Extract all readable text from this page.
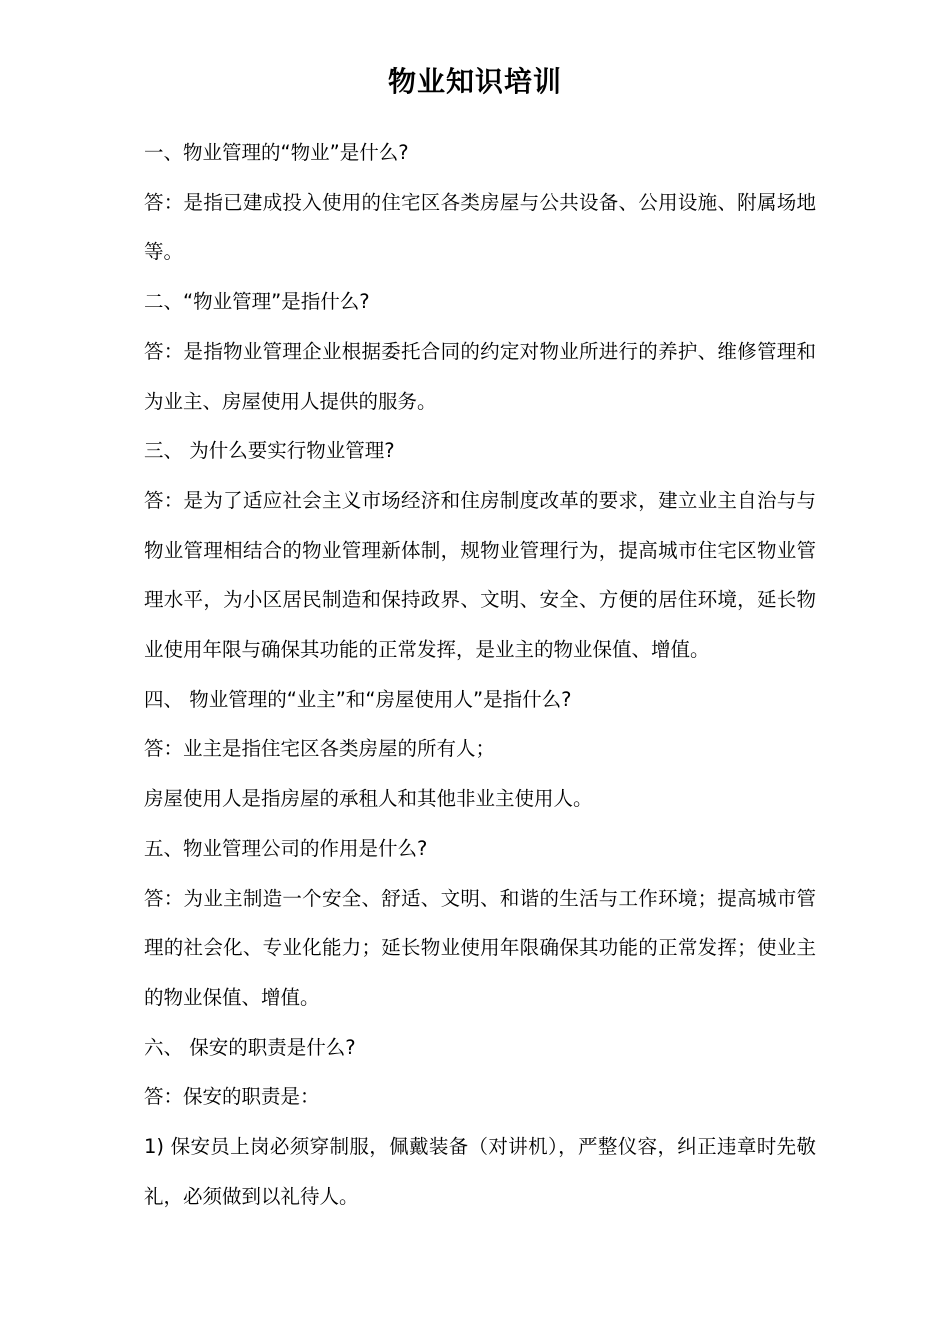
物业知识培训

一、物业管理的“物业”是什么?

答：是指已建成投入使用的住宅区各类房屋与公共设备、公用设施、附属场地等。

二、“物业管理”是指什么?

答：是指物业管理企业根据委托合同的约定对物业所进行的养护、维修管理和为业主、房屋使用人提供的服务。

三、 为什么要实行物业管理?

答：是为了适应社会主义市场经济和住房制度改革的要求，建立业主自治与与物业管理相结合的物业管理新体制，规物业管理行为，提高城市住宅区物业管理水平，为小区居民制造和保持政界、文明、安全、方便的居住环境，延长物业使用年限与确保其功能的正常发挥，是业主的物业保值、增值。

四、 物业管理的“业主”和“房屋使用人”是指什么?

答：业主是指住宅区各类房屋的所有人；

房屋使用人是指房屋的承租人和其他非业主使用人。

五、物业管理公司的作用是什么?

答：为业主制造一个安全、舒适、文明、和谐的生活与工作环境；提高城市管理的社会化、专业化能力；延长物业使用年限确保其功能的正常发挥；使业主的物业保值、增值。

六、 保安的职责是什么?

答：保安的职责是：

1) 保安员上岗必须穿制服，佩戴装备（对讲机），严整仪容，纠正违章时先敬礼，必须做到以礼待人。
